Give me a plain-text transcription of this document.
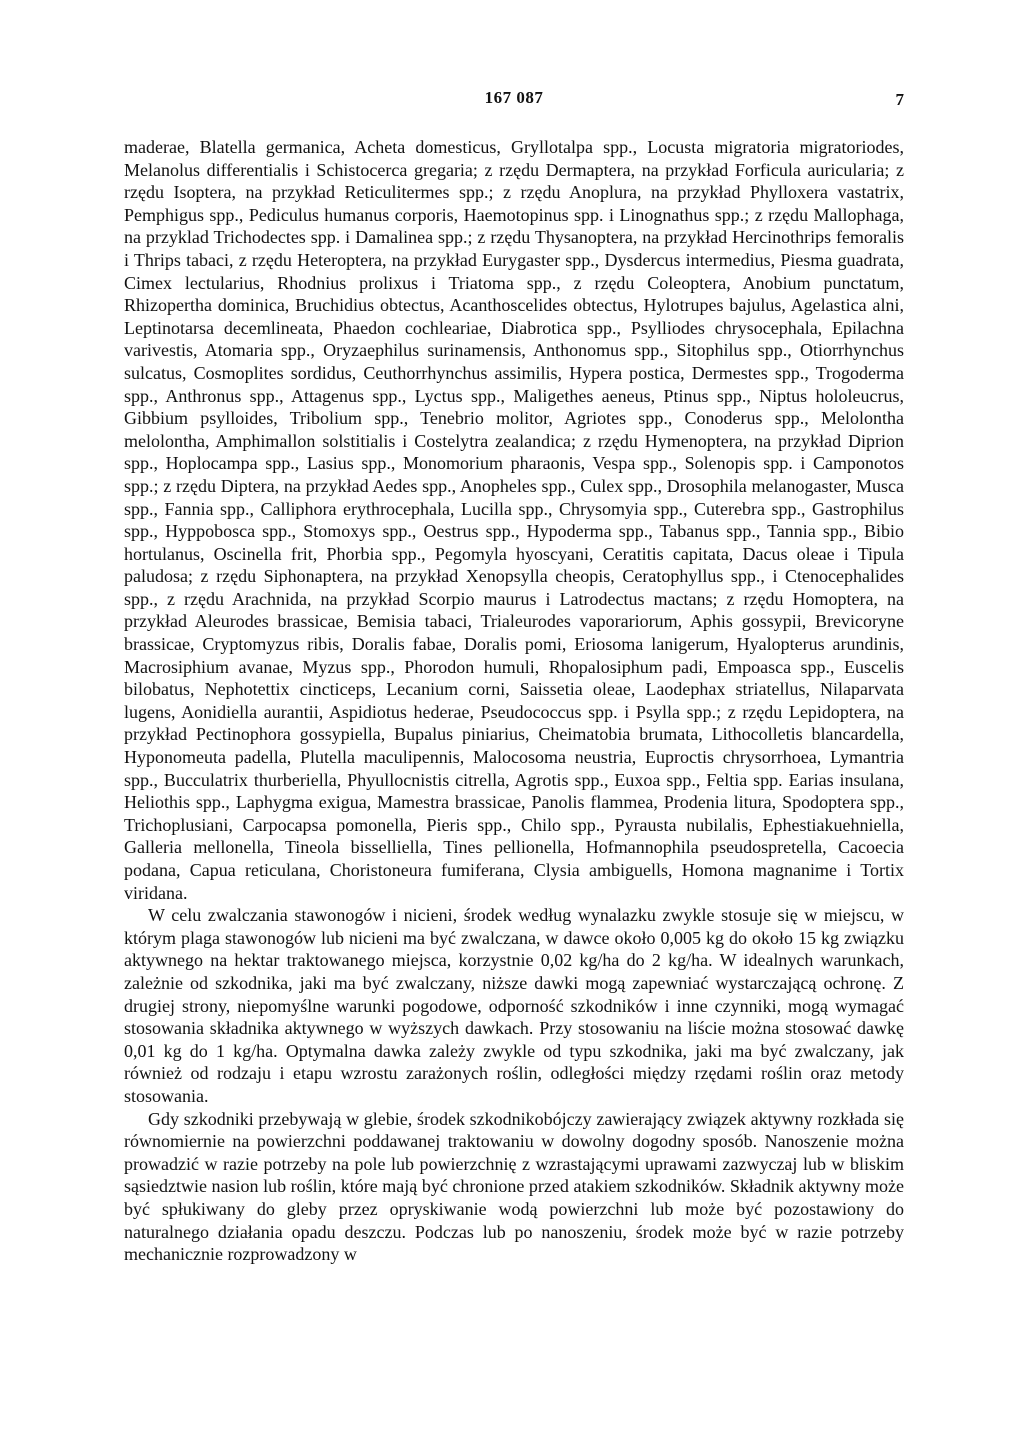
167 087	7

maderae, Blatella germanica, Acheta domesticus, Gryllotalpa spp., Locusta migratoria migratoriodes, Melanolus differentialis i Schistocerca gregaria; z rzędu Dermaptera, na przykład Forficula auricularia; z rzędu Isoptera, na przykład Reticulitermes spp.; z rzędu Anoplura, na przykład Phylloxera vastatrix, Pemphigus spp., Pediculus humanus corporis, Haemotopinus spp. i Linognathus spp.; z rzędu Mallophaga, na przyklad Trichodectes spp. i Damalinea spp.; z rzędu Thysanoptera, na przykład Hercinothrips femoralis i Thrips tabaci, z rzędu Heteroptera, na przykład Eurygaster spp., Dysdercus intermedius, Piesma guadrata, Cimex lectularius, Rhodnius prolixus i Triatoma spp., z rzędu Coleoptera, Anobium punctatum, Rhizopertha dominica, Bruchidius obtectus, Acanthoscelides obtectus, Hylotrupes bajulus, Agelastica alni, Leptinotarsa decemlineata, Phaedon cochleariae, Diabrotica spp., Psylliodes chrysocephala, Epilachna varivestis, Atomaria spp., Oryzaephilus surinamensis, Anthonomus spp., Sitophilus spp., Otiorrhynchus sulcatus, Cosmoplites sordidus, Ceuthorrhynchus assimilis, Hypera postica, Dermestes spp., Trogoderma spp., Anthronus spp., Attagenus spp., Lyctus spp., Maligethes aeneus, Ptinus spp., Niptus hololeucrus, Gibbium psylloides, Tribolium spp., Tenebrio molitor, Agriotes spp., Conoderus spp., Melolontha melolontha, Amphimallon solstitialis i Costelytra zealandica; z rzędu Hymenoptera, na przykład Diprion spp., Hoplocampa spp., Lasius spp., Monomorium pharaonis, Vespa spp., Solenopis spp. i Camponotos spp.; z rzędu Diptera, na przykład Aedes spp., Anopheles spp., Culex spp., Drosophila melanogaster, Musca spp., Fannia spp., Calliphora erythrocephala, Lucilla spp., Chrysomyia spp., Cuterebra spp., Gastrophilus spp., Hyppobosca spp., Stomoxys spp., Oestrus spp., Hypoderma spp., Tabanus spp., Tannia spp., Bibio hortulanus, Oscinella frit, Phorbia spp., Pegomyla hyoscyani, Ceratitis capitata, Dacus oleae i Tipula paludosa; z rzędu Siphonaptera, na przykład Xenopsylla cheopis, Ceratophyllus spp., i Ctenocephalides spp., z rzędu Arachnida, na przykład Scorpio maurus i Latrodectus mactans; z rzędu Homoptera, na przykład Aleurodes brassicae, Bemisia tabaci, Trialeurodes vaporariorum, Aphis gossypii, Brevicoryne brassicae, Cryptomyzus ribis, Doralis fabae, Doralis pomi, Eriosoma lanigerum, Hyalopterus arundinis, Macrosiphium avanae, Myzus spp., Phorodon humuli, Rhopalosiphum padi, Empoasca spp., Euscelis bilobatus, Nephotettix cincticeps, Lecanium corni, Saissetia oleae, Laodephax striatellus, Nilaparvata lugens, Aonidiella aurantii, Aspidiotus hederae, Pseudococcus spp. i Psylla spp.; z rzędu Lepidoptera, na przykład Pectinophora gossypiella, Bupalus piniarius, Cheimatobia brumata, Lithocolletis blancardella, Hyponomeuta padella, Plutella maculipennis, Malocosoma neustria, Euproctis chrysorrhoea, Lymantria spp., Bucculatrix thurberiella, Phyullocnistis citrella, Agrotis spp., Euxoa spp., Feltia spp. Earias insulana, Heliothis spp., Laphygma exigua, Mamestra brassicae, Panolis flammea, Prodenia litura, Spodoptera spp., Trichoplusiani, Carpocapsa pomonella, Pieris spp., Chilo spp., Pyrausta nubilalis, Ephestiakuehniella, Galleria mellonella, Tineola bisselliella, Tines pellionella, Hofmannophila pseudospretella, Cacoecia podana, Capua reticulana, Choristoneura fumiferana, Clysia ambiguells, Homona magnanime i Tortix viridana.

W celu zwalczania stawonogów i nicieni, środek według wynalazku zwykle stosuje się w miejscu, w którym plaga stawonogów lub nicieni ma być zwalczana, w dawce około 0,005 kg do około 15 kg związku aktywnego na hektar traktowanego miejsca, korzystnie 0,02 kg/ha do 2 kg/ha. W idealnych warunkach, zależnie od szkodnika, jaki ma być zwalczany, niższe dawki mogą zapewniać wystarczającą ochronę. Z drugiej strony, niepomyślne warunki pogodowe, odporność szkodników i inne czynniki, mogą wymagać stosowania składnika aktywnego w wyższych dawkach. Przy stosowaniu na liście można stosować dawkę 0,01 kg do 1 kg/ha. Optymalna dawka zależy zwykle od typu szkodnika, jaki ma być zwalczany, jak również od rodzaju i etapu wzrostu zarażonych roślin, odległości między rzędami roślin oraz metody stosowania.

Gdy szkodniki przebywają w glebie, środek szkodnikobójczy zawierający związek aktywny rozkłada się równomiernie na powierzchni poddawanej traktowaniu w dowolny dogodny sposób. Nanoszenie można prowadzić w razie potrzeby na pole lub powierzchnię z wzrastającymi uprawami zazwyczaj lub w bliskim sąsiedztwie nasion lub roślin, które mają być chronione przed atakiem szkodników. Składnik aktywny może być spłukiwany do gleby przez opryskiwanie wodą powierzchni lub może być pozostawiony do naturalnego działania opadu deszczu. Podczas lub po nanoszeniu, środek może być w razie potrzeby mechanicznie rozprowadzony w
